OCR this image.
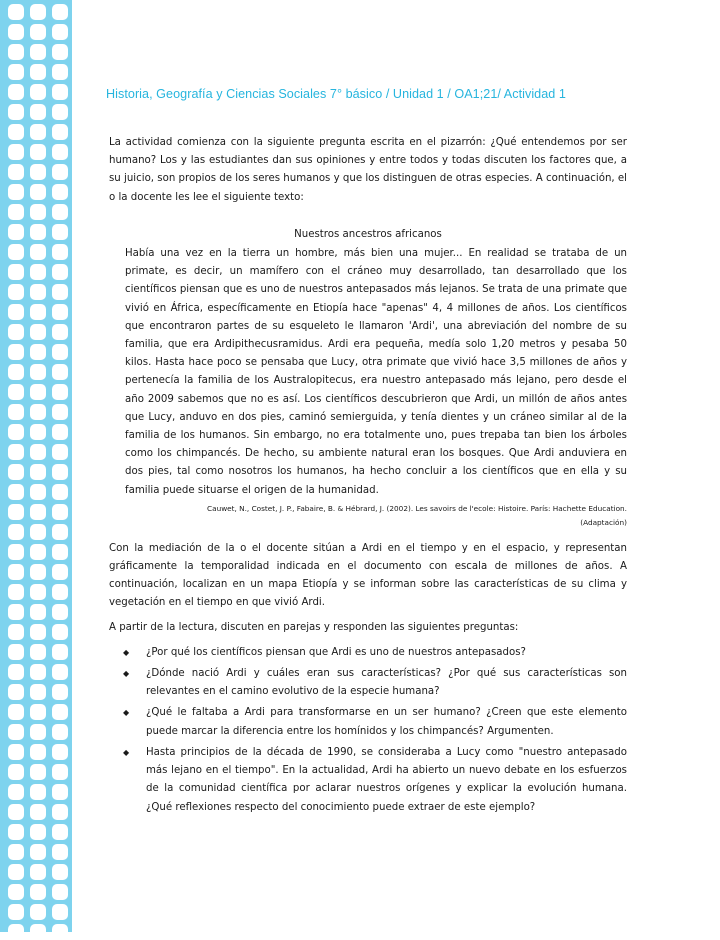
Historia, Geografía y Ciencias Sociales 7° básico / Unidad 1 / OA1;21/ Actividad 1

La actividad comienza con la siguiente pregunta escrita en el pizarrón: ¿Qué entendemos por ser humano? Los y las estudiantes dan sus opiniones y entre todos y todas discuten los factores que, a su juicio, son propios de los seres humanos y que los distinguen de otras especies. A continuación, el o la docente les lee el siguiente texto:

Nuestros ancestros africanos

Había una vez en la tierra un hombre, más bien una mujer... En realidad se trataba de un primate, es decir, un mamífero con el cráneo muy desarrollado, tan desarrollado que los científicos piensan que es uno de nuestros antepasados más lejanos. Se trata de una primate que vivió en África, específicamente en Etiopía hace "apenas" 4, 4 millones de años. Los científicos que encontraron partes de su esqueleto le llamaron 'Ardi', una abreviación del nombre de su familia, que era Ardipithecusramidus. Ardi era pequeña, medía solo 1,20 metros y pesaba 50 kilos. Hasta hace poco se pensaba que Lucy, otra primate que vivió hace 3,5 millones de años y pertenecía la familia de los Australopitecus, era nuestro antepasado más lejano, pero desde el año 2009 sabemos que no es así. Los científicos descubrieron que Ardi, un millón de años antes que Lucy, anduvo en dos pies, caminó semierguida, y tenía dientes y un cráneo similar al de la familia de los humanos. Sin embargo, no era totalmente uno, pues trepaba tan bien los árboles como los chimpancés. De hecho, su ambiente natural eran los bosques. Que Ardi anduviera en dos pies, tal como nosotros los humanos, ha hecho concluir a los científicos que en ella y su familia puede situarse el origen de la humanidad.

Cauwet, N., Costet, J. P., Fabaire, B. & Hébrard, J. (2002). Les savoirs de l'ecole: Histoire. París: Hachette Education.
(Adaptación)

Con la mediación de la o el docente sitúan a Ardi en el tiempo y en el espacio, y representan gráficamente la temporalidad indicada en el documento con escala de millones de años. A continuación, localizan en un mapa Etiopía y se informan sobre las características de su clima y vegetación en el tiempo en que vivió Ardi.

A partir de la lectura, discuten en parejas y responden las siguientes preguntas:

◆ ¿Por qué los científicos piensan que Ardi es uno de nuestros antepasados?
◆ ¿Dónde nació Ardi y cuáles eran sus características? ¿Por qué sus características son relevantes en el camino evolutivo de la especie humana?
◆ ¿Qué le faltaba a Ardi para transformarse en un ser humano? ¿Creen que este elemento puede marcar la diferencia entre los homínidos y los chimpancés? Argumenten.
◆ Hasta principios de la década de 1990, se consideraba a Lucy como "nuestro antepasado más lejano en el tiempo". En la actualidad, Ardi ha abierto un nuevo debate en los esfuerzos de la comunidad científica por aclarar nuestros orígenes y explicar la evolución humana. ¿Qué reflexiones respecto del conocimiento puede extraer de este ejemplo?
